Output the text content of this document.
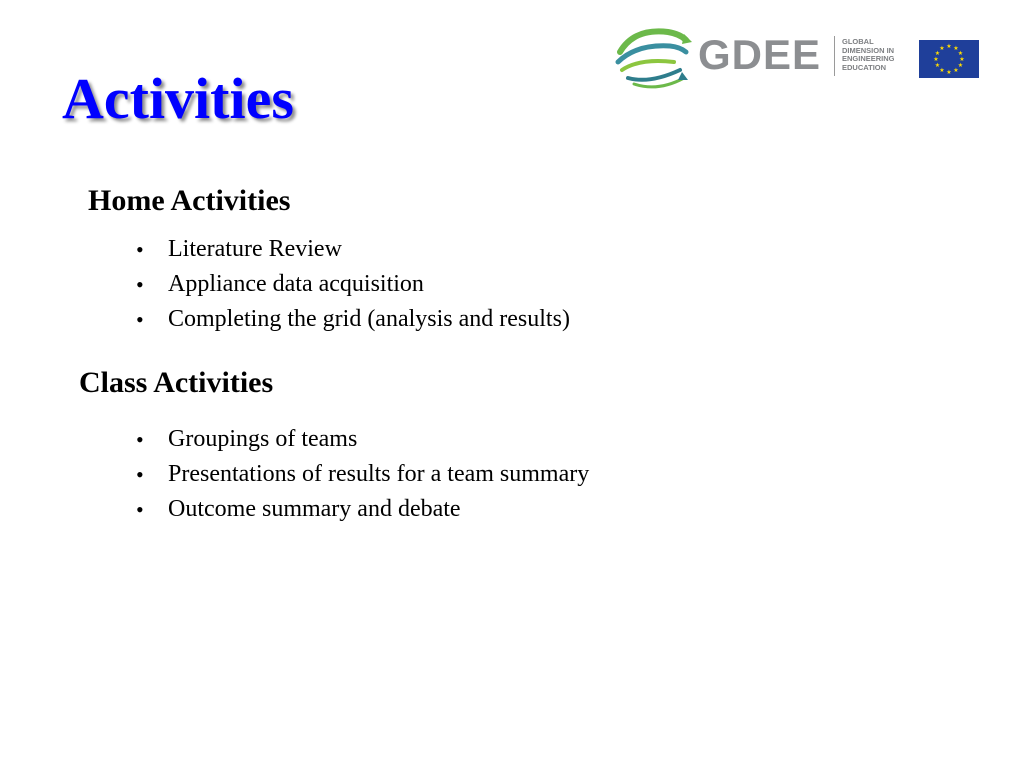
GDEE	GLOBAL
DIMENSION IN
ENGINEERING
EDUCATION
★ ★
★
★
★
★
★
★
★
★
★
★
Activities
Home Activities
•	Literature Review
•	Appliance data acquisition
•	Completing the grid (analysis and results)
Class Activities
•	Groupings of teams
•	Presentations of results for a team summary
•	Outcome summary and debate
